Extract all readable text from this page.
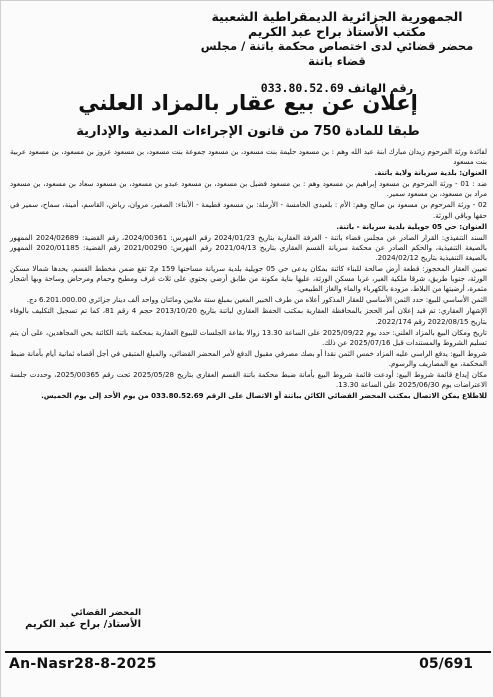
الجمهورية الجزائرية الديمقراطية الشعبية

مكتب الأستاذ براح عبد الكريم

محضر قضائي لدى اختصاص محكمة باتنة / مجلس قضاء باتنة

رقم الهاتف 033.80.52.69

إعلان عن بيع عقار بالمزاد العلني
طبقا للمادة 750 من قانون الإجراءات المدنية والإدارية

لفائدة ورثة المرحوم زيدان مبارك ابنة عبد الله وهم : بن مسعود حليمة بنت مسعود، بن مسعود جموعة بنت مسعود، بن مسعود عزوز بن مسعود، بن مسعود عربية بنت مسعود

العنوان: بلدية سريانة ولاية باتنة.

ضد : 01 - ورثة المرحوم بن مسعود إبراهيم بن مسعود وهم : بن مسعود فضيل بن مسعود، بن مسعود عبدو بن مسعود، بن مسعود سعاد بن مسعود، بن مسعود مراد بن مسعود، بن مسعود سمير.

02 - ورثة المرحوم بن مسعود بن صالح وهم: الأم : بلعيدي الخامسة - الأرملة: بن مسعود فطيمة - الأبناء: الصغير، مروان، رياض، القاسم، أمينة، سماح، سمير في حقها وباقي الورثة.

العنوان: حي 05 جويلية بلدية سريانة - باتنة.

السند التنفيذي: القرار الصادر عن مجلس قضاء باتنة - الغرفة العقارية بتاريخ 2024/01/23 رقم الفهرس: 2024/00361، رقم القضية: 2024/02689 الممهور بالصيغة التنفيذية، والحكم الصادر عن محكمة سريانة القسم العقاري بتاريخ 2021/04/13 رقم الفهرس: 2021/00290 رقم القضية: 2020/01185 الممهور بالصيغة التنفيذية بتاريخ 2024/02/12.

تعيين العقار المحجوز: قطعة أرض صالحة للبناء كائنة بمكان يدعى حي 05 جويلية بلدية سريانة مساحتها 159 م2 تقع ضمن مخطط القسم، يحدها شمالا مسكن الورثة، جنوبا طريق، شرقا ملكية الغير، غربا مسكن الورثة، عليها بناية مكونة من طابق أرضي يحتوي على ثلاث غرف ومطبخ وحمام ومرحاض وساحة وبها أشجار مثمرة، أرضيتها من البلاط، مزودة بالكهرباء والماء والغاز الطبيعي.

الثمن الأساسي للبيع: حدد الثمن الأساسي للعقار المذكور أعلاه من طرف الخبير المعين بمبلغ ستة ملايين ومائتان وواحد ألف دينار جزائري 6.201.000.00 دج.

الإشهار العقاري: تم قيد إعلان أمر الحجز بالمحافظة العقارية بمكتب الحفظ العقاري لباتنة بتاريخ 2013/10/20 حجم 4 رقم 81، كما تم تسجيل التكليف بالوفاء بتاريخ 2022/08/15 رقم 2022/174.

تاريخ ومكان البيع بالمزاد العلني: حدد يوم 2025/09/22 على الساعة 13.30 زوالا بقاعة الجلسات للبيوع العقارية بمحكمة باتنة الكائنة بحي المجاهدين، على أن يتم تسليم الشروط والمستندات قبل 2025/07/16 عن ذلك.

شروط البيع: يدفع الراسي عليه المزاد خمس الثمن نقدا أو بصك مصرفي مقبول الدفع لأمر المحضر القضائي، والمبلغ المتبقي في أجل أقصاه ثمانية أيام بأمانة ضبط المحكمة، مع المصاريف والرسوم.

مكان إيداع قائمة شروط البيع: أودعت قائمة شروط البيع بأمانة ضبط محكمة باتنة القسم العقاري بتاريخ 2025/05/28 تحت رقم 2025/00365، وحددت جلسة الاعتراضات يوم 2025/06/30 على الساعة 13.30.

للاطلاع يمكن الاتصال بمكتب المحضر القضائي الكائن بباتنة أو الاتصال على الرقم 033.80.52.69 من يوم الأحد إلى يوم الخميس.

المحضر القضائي
الأستاذ/ براح عبد الكريم
An-Nasr28-8-2025	05/691
